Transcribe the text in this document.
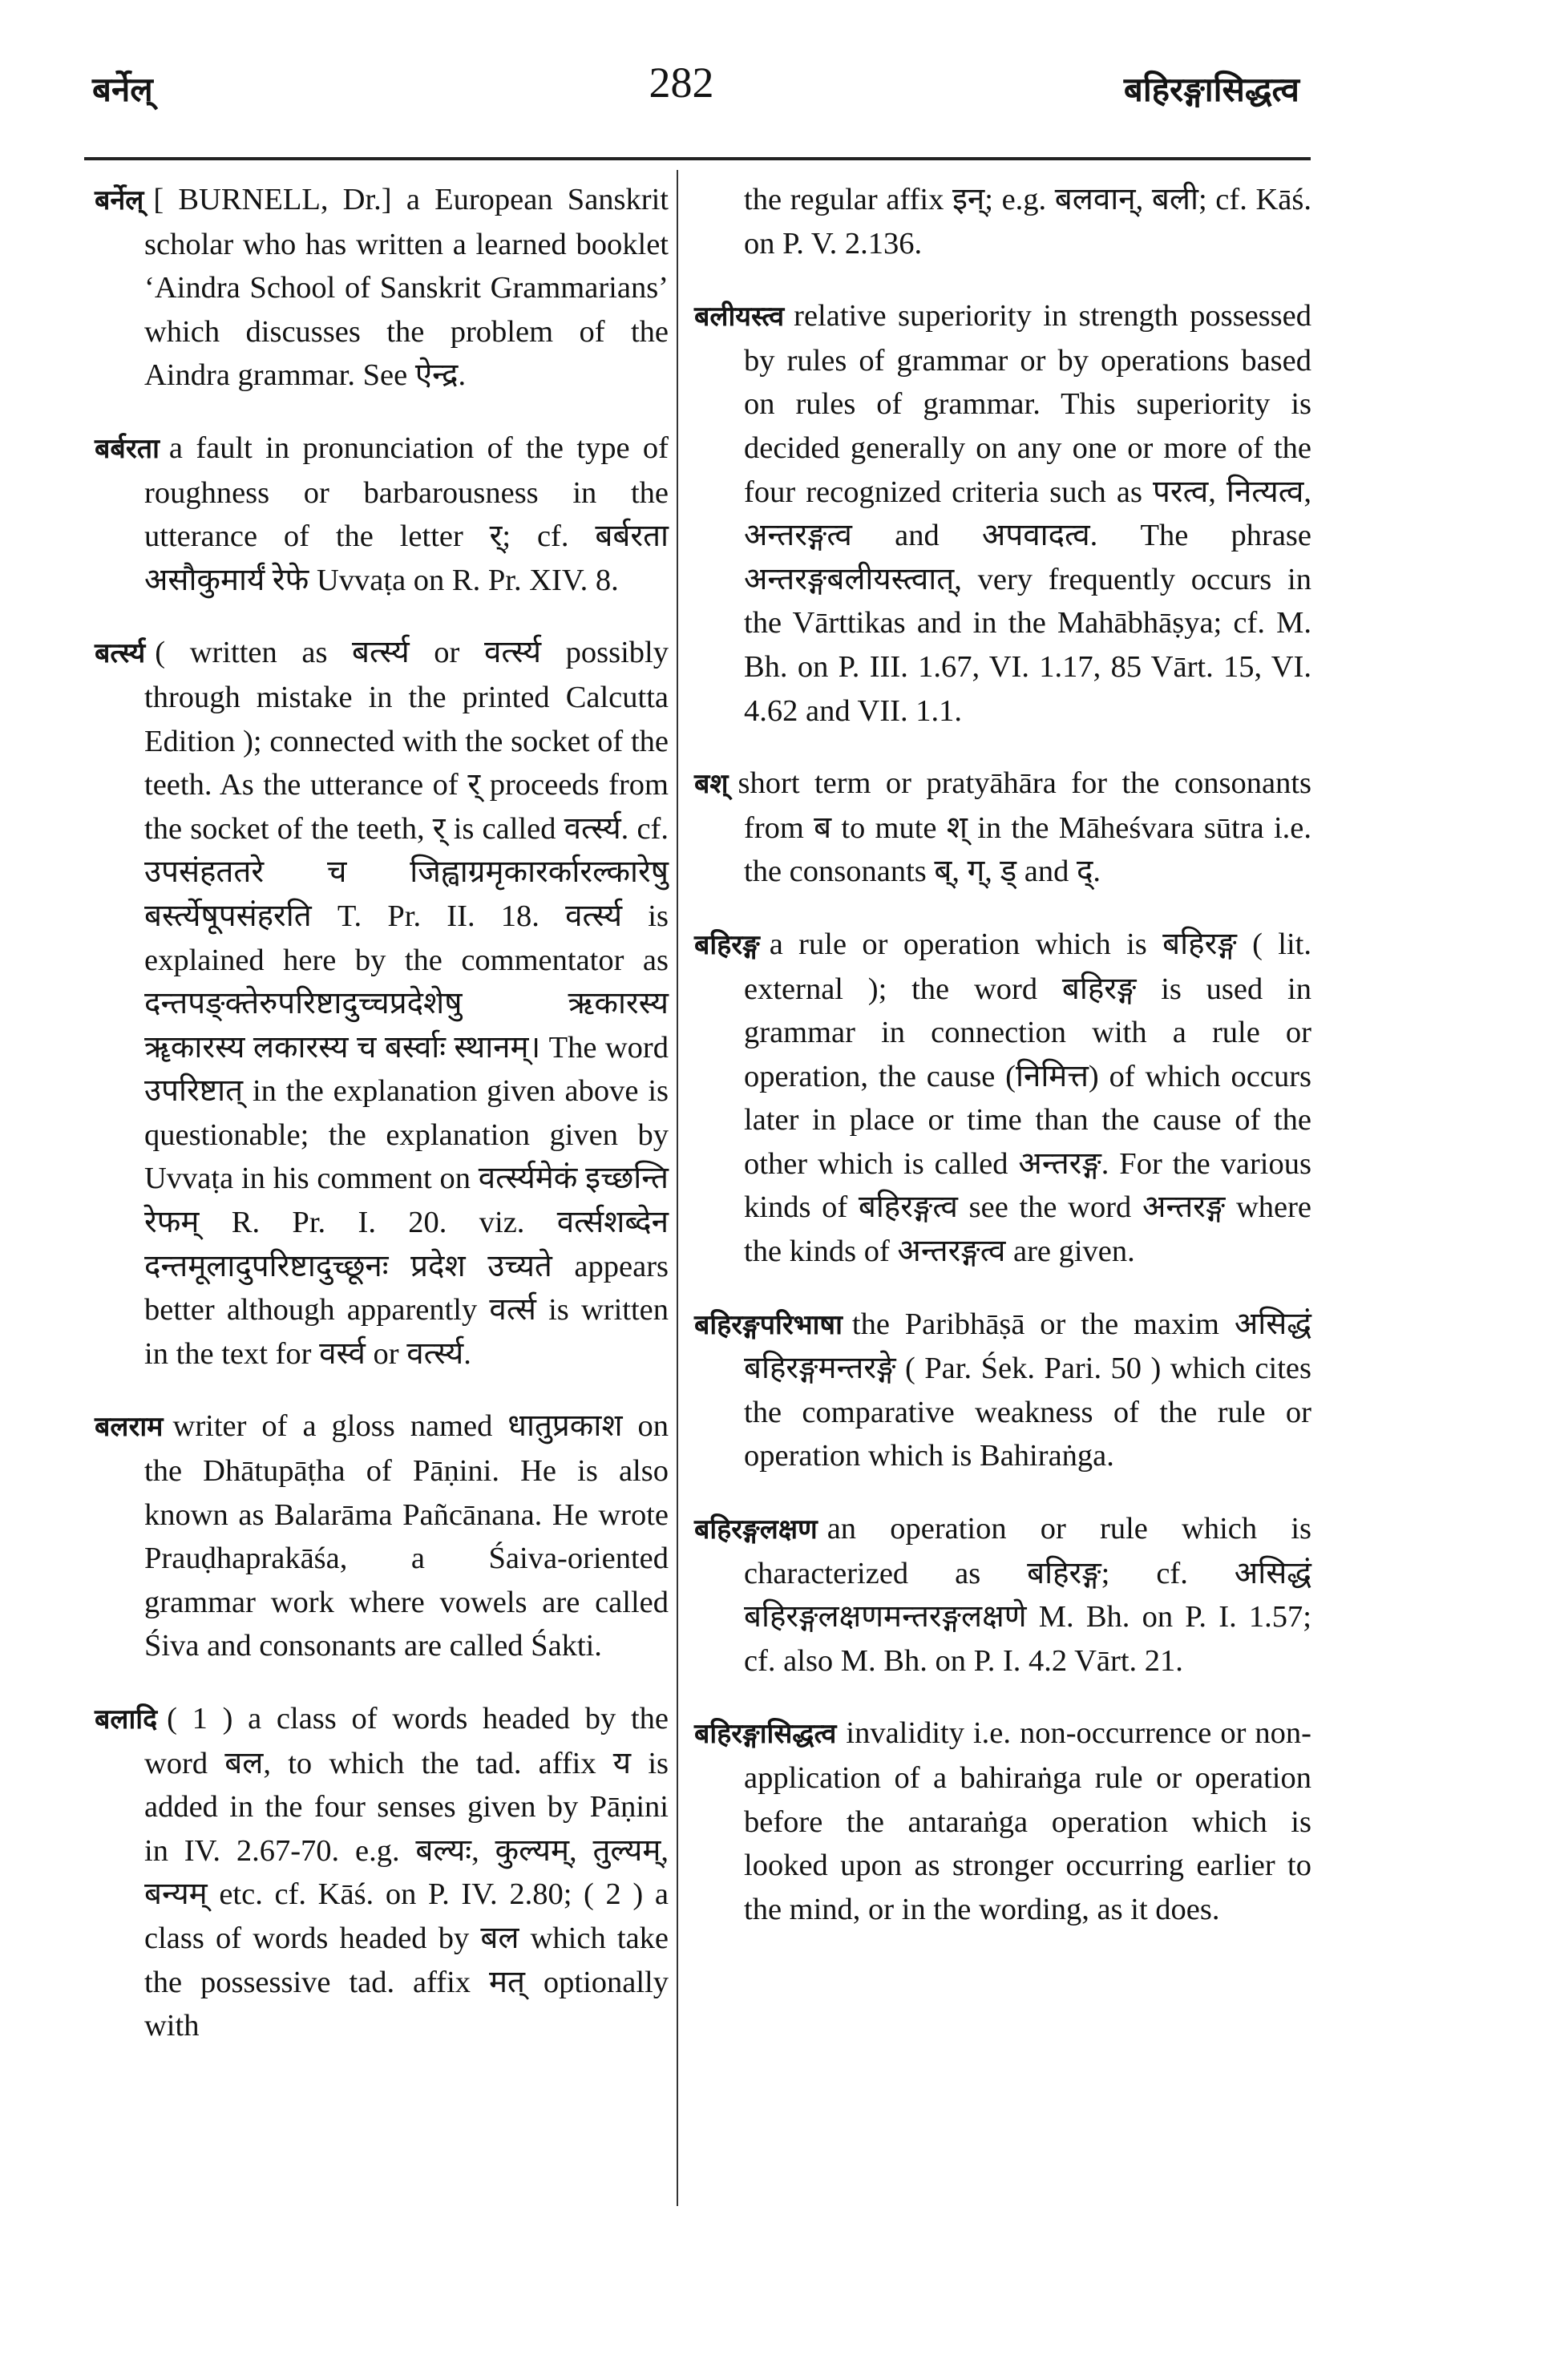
बर्नेल्	282	बहिरङ्गासिद्धत्व

बर्नेल् [ BURNELL, Dr.] a European Sanskrit scholar who has written a learned booklet ‘Aindra School of Sanskrit Grammarians’ which discusses the problem of the Aindra grammar. See ऐन्द्र.

बर्बरता a fault in pronunciation of the type of roughness or barbarousness in the utterance of the letter र्; cf. बर्बरता असौकुमार्यं रेफे Uvvaṭa on R. Pr. XIV. 8.

बर्त्स्य ( written as बर्त्स्य or वर्त्स्य possibly through mistake in the printed Calcutta Edition ); connected with the socket of the teeth. As the utterance of र् proceeds from the socket of the teeth, र् is called वर्त्स्य. cf. उपसंहततरे च जिह्वाग्रमृकारर्कारल्कारेषु बर्स्त्येषूपसंहरति T. Pr. II. 18. वर्त्स्य is explained here by the commentator as दन्तपङ्क्तेरुपरिष्टादुच्चप्रदेशेषु ऋकारस्य ॠकारस्य लकारस्य च बर्स्वाः स्थानम्। The word उपरिष्टात् in the explanation given above is questionable; the explanation given by Uvvaṭa in his comment on वर्त्स्यमेकं इच्छन्ति रेफम् R. Pr. I. 20. viz. वर्त्सशब्देन दन्तमूलादुपरिष्टादुच्छूनः प्रदेश उच्यते appears better although apparently वर्त्स is written in the text for वर्स्व or वर्त्स्य.

बलराम writer of a gloss named धातुप्रकाश on the Dhātupāṭha of Pāṇini. He is also known as Balarāma Pañcānana. He wrote Prauḍhaprakāśa, a Śaiva-oriented grammar work where vowels are called Śiva and consonants are called Śakti.

बलादि ( 1 ) a class of words headed by the word बल, to which the tad. affix य is added in the four senses given by Pāṇini in IV. 2.67-70. e.g. बल्यः, कुल्यम्, तुल्यम्, बन्यम् etc. cf. Kāś. on P. IV. 2.80; ( 2 ) a class of words headed by बल which take the possessive tad. affix मत् optionally with

the regular affix इन्; e.g. बलवान्, बली; cf. Kāś. on P. V. 2.136.

बलीयस्त्व relative superiority in strength possessed by rules of grammar or by operations based on rules of grammar. This superiority is decided generally on any one or more of the four recognized criteria such as परत्व, नित्यत्व, अन्तरङ्गत्व and अपवादत्व. The phrase अन्तरङ्गबलीयस्त्वात्, very frequently occurs in the Vārttikas and in the Mahābhāṣya; cf. M. Bh. on P. III. 1.67, VI. 1.17, 85 Vārt. 15, VI. 4.62 and VII. 1.1.

बश् short term or pratyāhāra for the consonants from ब to mute श् in the Māheśvara sūtra i.e. the consonants ब्, ग्, ड् and द्.

बहिरङ्ग a rule or operation which is बहिरङ्ग ( lit. external ); the word बहिरङ्ग is used in grammar in connection with a rule or operation, the cause (निमित्त) of which occurs later in place or time than the cause of the other which is called अन्तरङ्ग. For the various kinds of बहिरङ्गत्व see the word अन्तरङ्ग where the kinds of अन्तरङ्गत्व are given.

बहिरङ्गपरिभाषा the Paribhāṣā or the maxim असिद्धं बहिरङ्गमन्तरङ्गे ( Par. Śek. Pari. 50 ) which cites the comparative weakness of the rule or operation which is Bahiraṅga.

बहिरङ्गलक्षण an operation or rule which is characterized as बहिरङ्ग; cf. असिद्धं बहिरङ्गलक्षणमन्तरङ्गलक्षणे M. Bh. on P. I. 1.57; cf. also M. Bh. on P. I. 4.2 Vārt. 21.

बहिरङ्गासिद्धत्व invalidity i.e. non-occurrence or non-application of a bahiraṅga rule or operation before the antaraṅga operation which is looked upon as stronger occurring earlier to the mind, or in the wording, as it does.
